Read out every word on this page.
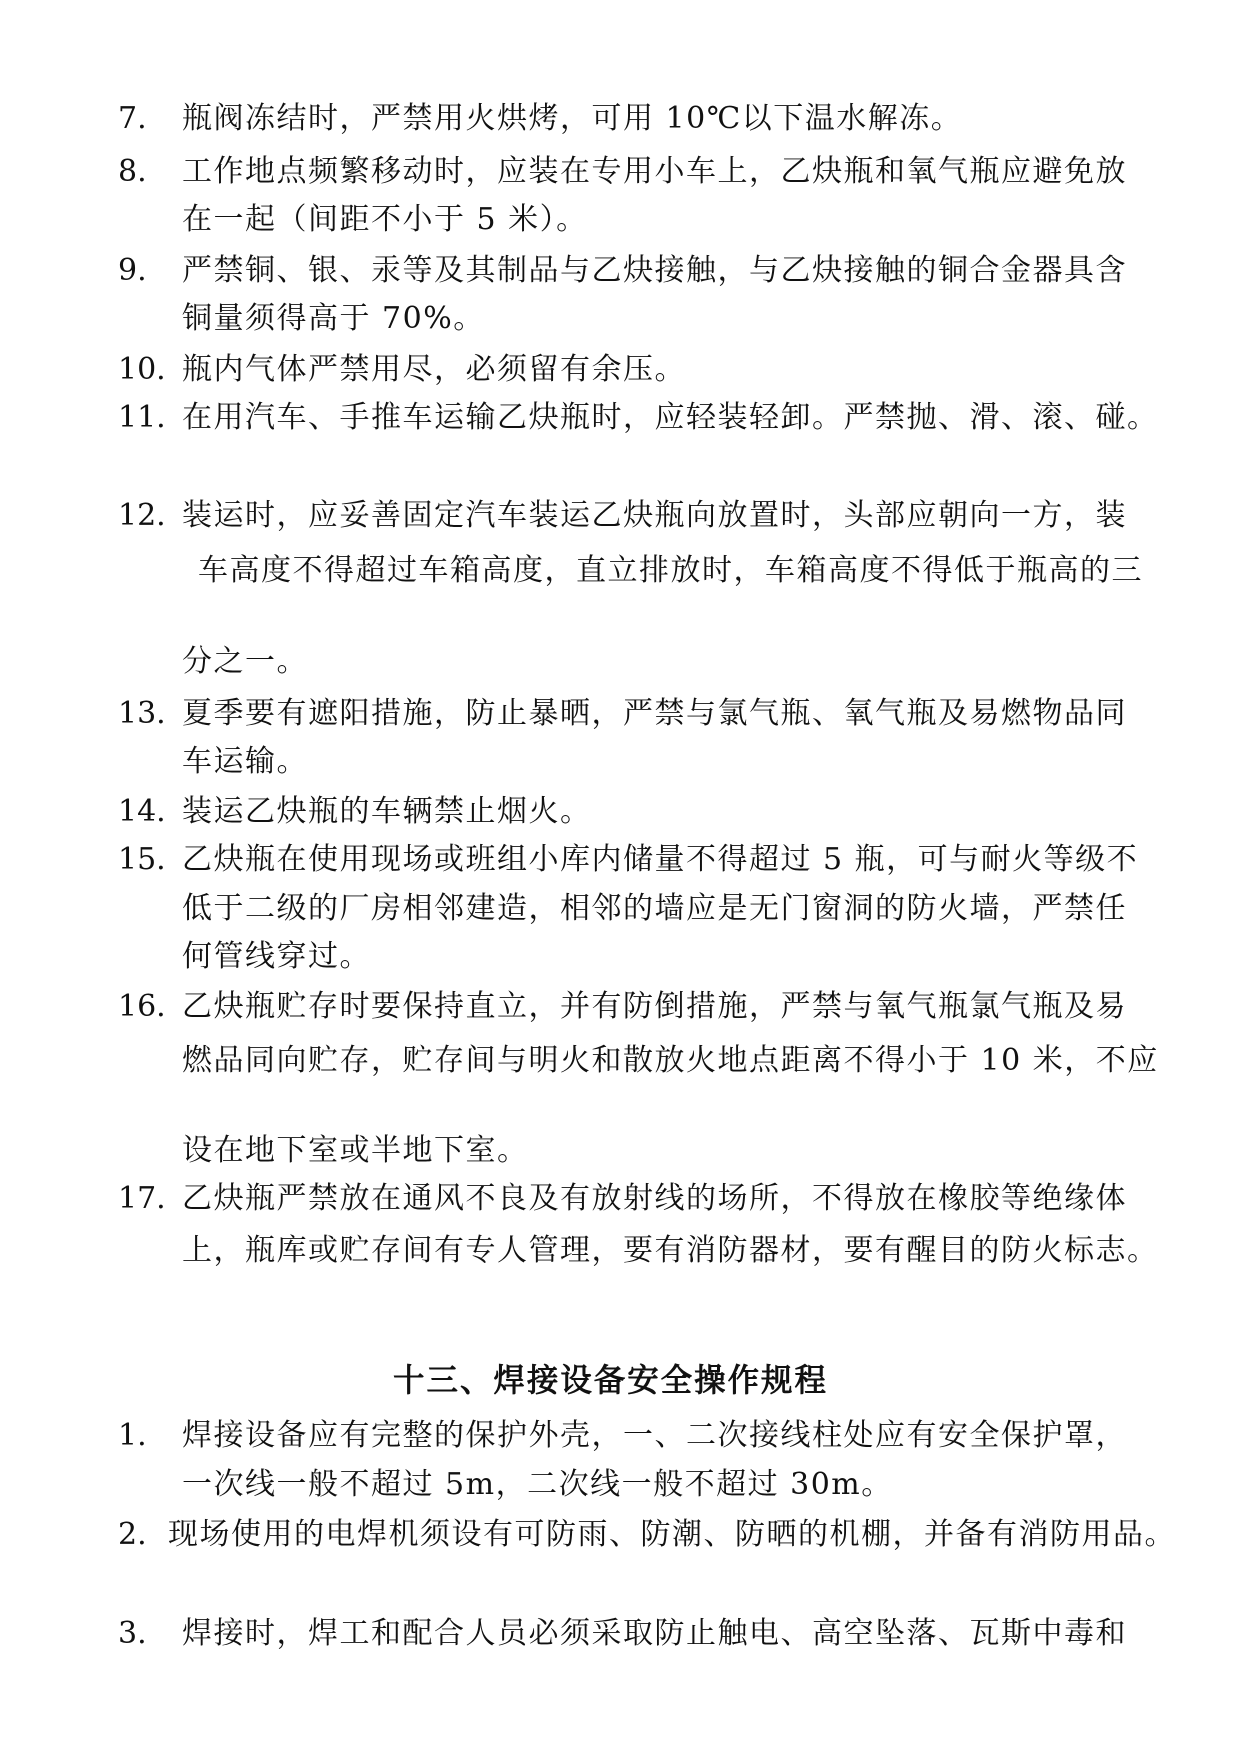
7. 瓶阀冻结时，严禁用火烘烤，可用 10℃以下温水解冻。
8. 工作地点频繁移动时，应装在专用小车上，乙炔瓶和氧气瓶应避免放
在一起（间距不小于 5 米）。
9. 严禁铜、银、汞等及其制品与乙炔接触，与乙炔接触的铜合金器具含
铜量须得高于 70%。
10. 瓶内气体严禁用尽，必须留有余压。
11. 在用汽车、手推车运输乙炔瓶时，应轻装轻卸。严禁抛、滑、滚、碰。
12. 装运时，应妥善固定汽车装运乙炔瓶向放置时，头部应朝向一方，装
车高度不得超过车箱高度，直立排放时，车箱高度不得低于瓶高的三
分之一。
13. 夏季要有遮阳措施，防止暴晒，严禁与氯气瓶、氧气瓶及易燃物品同
车运输。
14. 装运乙炔瓶的车辆禁止烟火。
15. 乙炔瓶在使用现场或班组小库内储量不得超过 5 瓶，可与耐火等级不
低于二级的厂房相邻建造，相邻的墙应是无门窗洞的防火墙，严禁任
何管线穿过。
16. 乙炔瓶贮存时要保持直立，并有防倒措施，严禁与氧气瓶氯气瓶及易
燃品同向贮存，贮存间与明火和散放火地点距离不得小于 10 米，不应
设在地下室或半地下室。
17. 乙炔瓶严禁放在通风不良及有放射线的场所，不得放在橡胶等绝缘体
上，瓶库或贮存间有专人管理，要有消防器材，要有醒目的防火标志。
十三、焊接设备安全操作规程
1. 焊接设备应有完整的保护外壳，一、二次接线柱处应有安全保护罩，
一次线一般不超过 5m，二次线一般不超过 30m。
2. 现场使用的电焊机须设有可防雨、防潮、防晒的机棚，并备有消防用品。
3. 焊接时，焊工和配合人员必须采取防止触电、高空坠落、瓦斯中毒和
